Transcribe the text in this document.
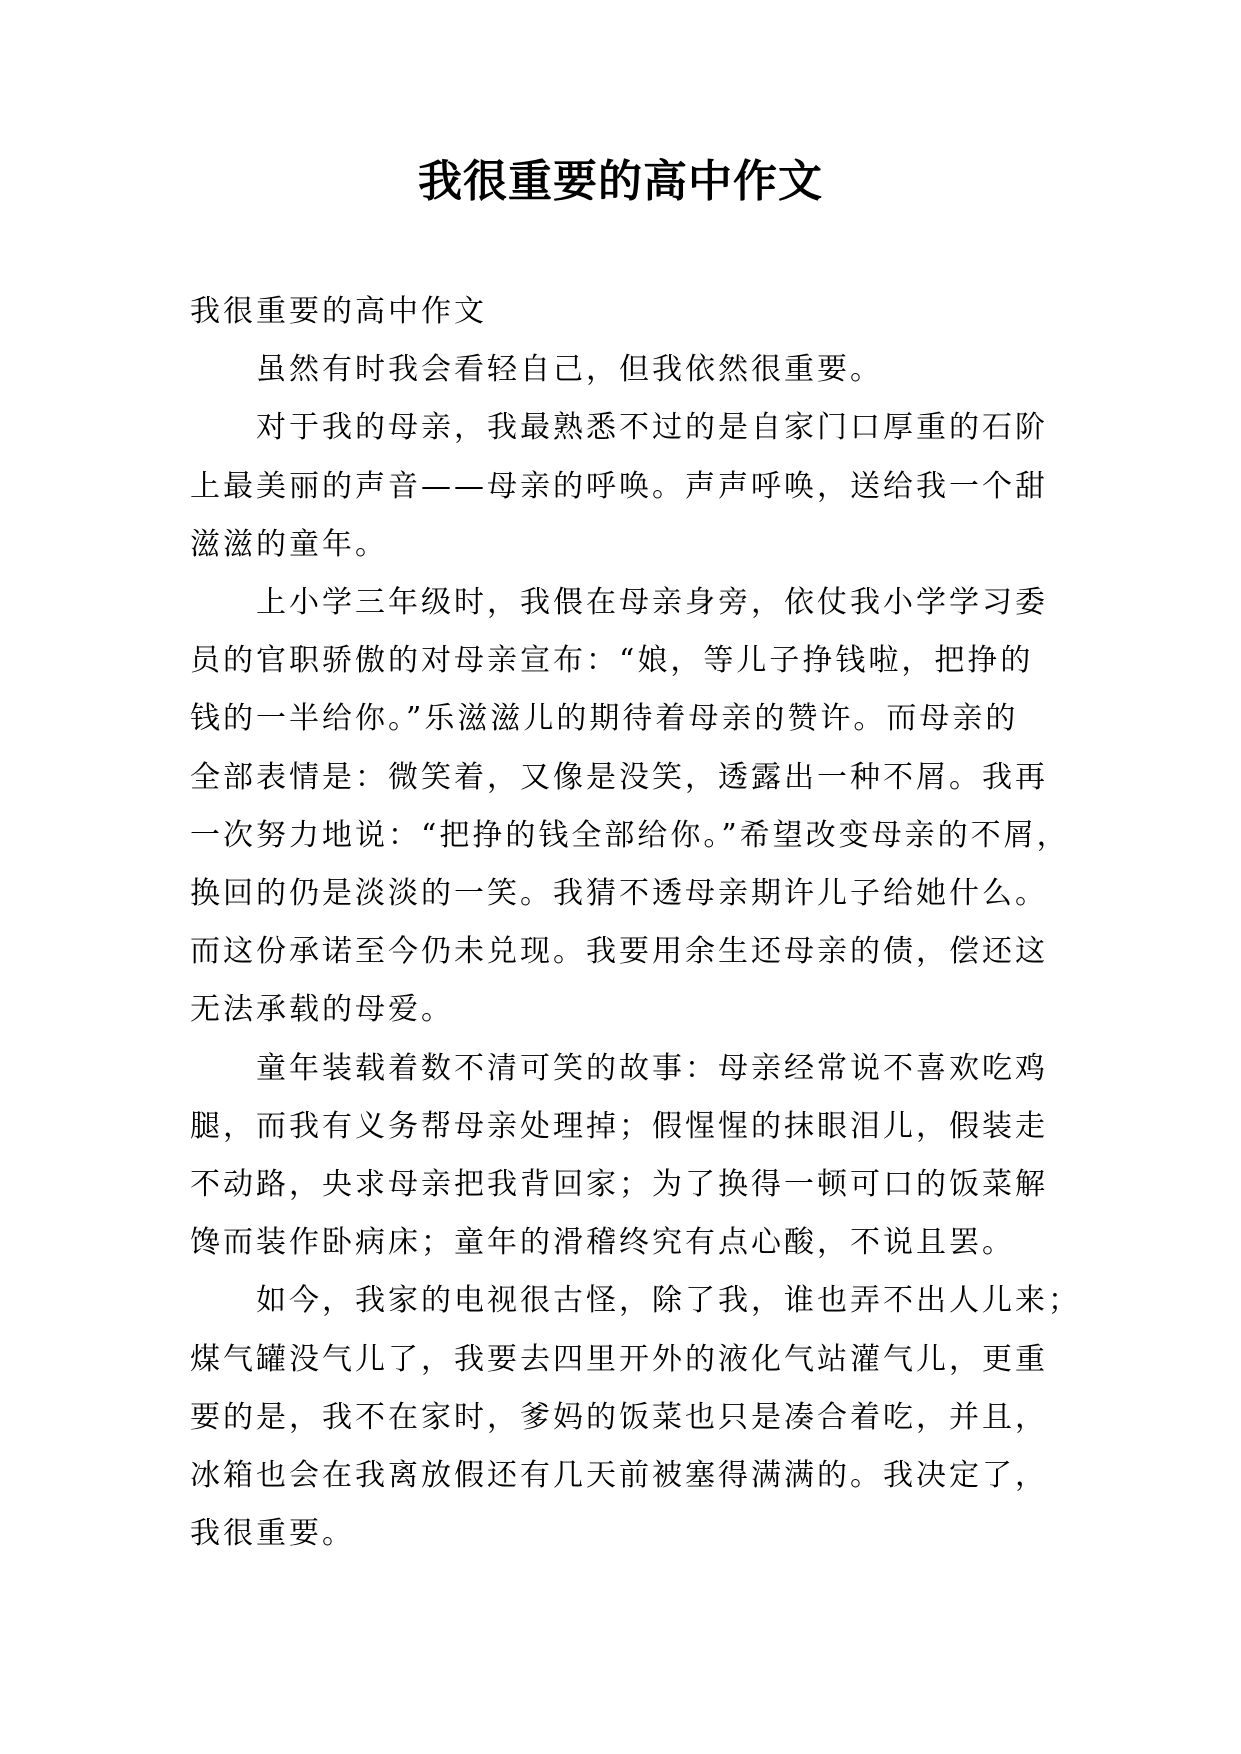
我很重要的高中作文

我很重要的高中作文

虽然有时我会看轻自己，但我依然很重要。

对于我的母亲，我最熟悉不过的是自家门口厚重的石阶

上最美丽的声音——母亲的呼唤。声声呼唤，送给我一个甜

滋滋的童年。

上小学三年级时，我偎在母亲身旁，依仗我小学学习委

员的官职骄傲的对母亲宣布：“娘，等儿子挣钱啦，把挣的

钱的一半给你。”乐滋滋儿的期待着母亲的赞许。而母亲的

全部表情是：微笑着，又像是没笑，透露出一种不屑。我再

一次努力地说：“把挣的钱全部给你。”希望改变母亲的不屑，

换回的仍是淡淡的一笑。我猜不透母亲期许儿子给她什么。

而这份承诺至今仍未兑现。我要用余生还母亲的债，偿还这

无法承载的母爱。

童年装载着数不清可笑的故事：母亲经常说不喜欢吃鸡

腿，而我有义务帮母亲处理掉；假惺惺的抹眼泪儿，假装走

不动路，央求母亲把我背回家；为了换得一顿可口的饭菜解

馋而装作卧病床；童年的滑稽终究有点心酸，不说且罢。

如今，我家的电视很古怪，除了我，谁也弄不出人儿来；

煤气罐没气儿了，我要去四里开外的液化气站灌气儿，更重

要的是，我不在家时，爹妈的饭菜也只是凑合着吃，并且，

冰箱也会在我离放假还有几天前被塞得满满的。我决定了，

我很重要。
